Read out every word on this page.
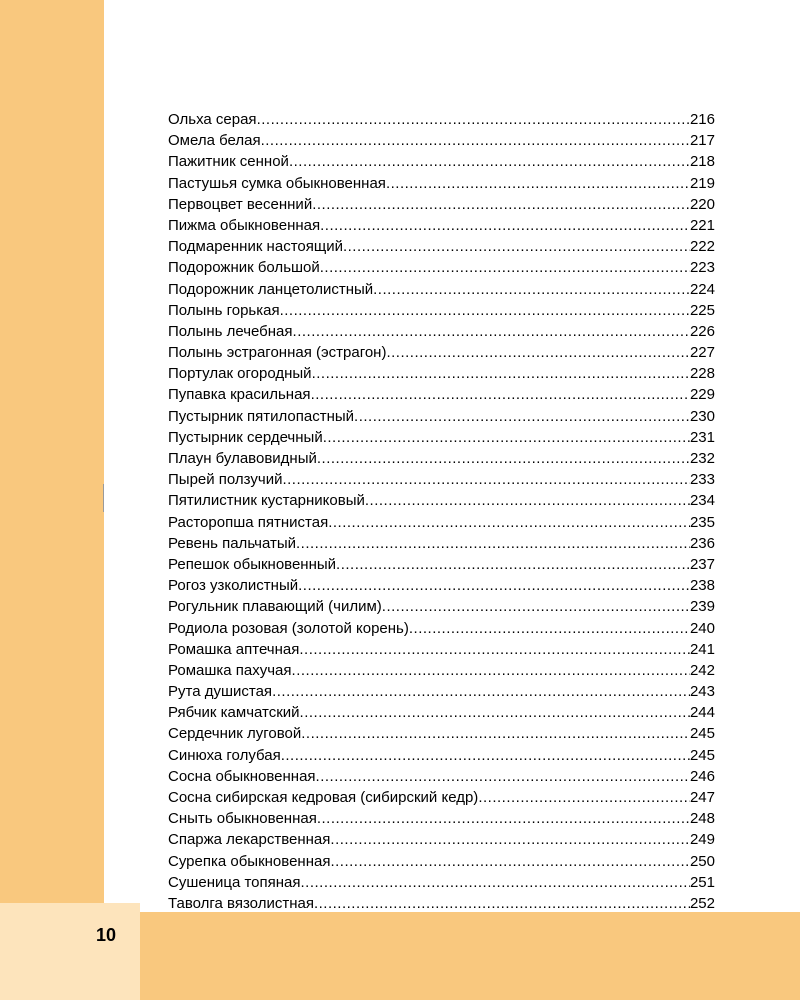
10
Ольха серая .....	216
Омела белая .....	217
Пажитник сенной .....	218
Пастушья сумка обыкновенная .....	219
Первоцвет весенний .....	220
Пижма обыкновенная .....	221
Подмаренник настоящий .....	222
Подорожник большой .....	223
Подорожник ланцетолистный .....	224
Полынь горькая .....	225
Полынь лечебная .....	226
Полынь эстрагонная (эстрагон) .....	227
Портулак огородный .....	228
Пупавка красильная .....	229
Пустырник пятилопастный .....	230
Пустырник сердечный .....	231
Плаун булавовидный .....	232
Пырей ползучий .....	233
Пятилистник кустарниковый .....	234
Расторопша пятнистая .....	235
Ревень пальчатый .....	236
Репешок обыкновенный .....	237
Рогоз узколистный .....	238
Рогульник плавающий (чилим) .....	239
Родиола розовая (золотой корень) .....	240
Ромашка аптечная .....	241
Ромашка пахучая .....	242
Рута душистая .....	243
Рябчик камчатский .....	244
Сердечник луговой .....	245
Синюха голубая .....	245
Сосна обыкновенная .....	246
Сосна сибирская кедровая (сибирский кедр) .....	247
Сныть обыкновенная .....	248
Спаржа лекарственная .....	249
Сурепка обыкновенная .....	250
Сушеница топяная .....	251
Таволга вязолистная .....	252
